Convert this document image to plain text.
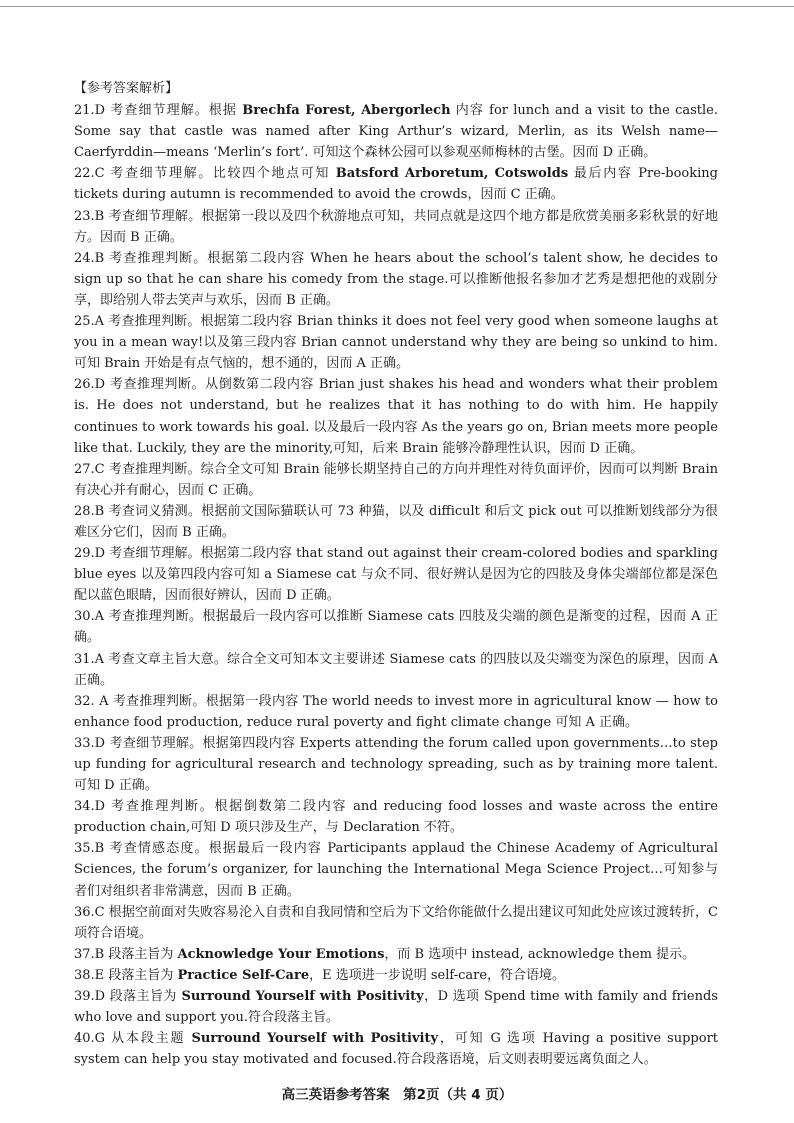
【参考答案解析】

21.D 考查细节理解。根据 Brechfa Forest, Abergorlech 内容 for lunch and a visit to the castle. Some say that castle was named after King Arthur’s wizard, Merlin, as its Welsh name—Caerfyrddin—means ‘Merlin’s fort’. 可知这个森林公园可以参观巫师梅林的古堡。因而 D 正确。

22.C 考查细节理解。比较四个地点可知 Batsford Arboretum, Cotswolds 最后内容 Pre-booking tickets during autumn is recommended to avoid the crowds，因而 C 正确。

23.B 考查细节理解。根据第一段以及四个秋游地点可知，共同点就是这四个地方都是欣赏美丽多彩秋景的好地方。因而 B 正确。

24.B 考查推理判断。根据第二段内容 When he hears about the school’s talent show, he decides to sign up so that he can share his comedy from the stage.可以推断他报名参加才艺秀是想把他的戏剧分享，即给别人带去笑声与欢乐，因而 B 正确。

25.A 考查推理判断。根据第二段内容 Brian thinks it does not feel very good when someone laughs at you in a mean way!以及第三段内容 Brian cannot understand why they are being so unkind to him. 可知 Brain 开始是有点气恼的，想不通的，因而 A 正确。

26.D 考查推理判断。从倒数第二段内容 Brian just shakes his head and wonders what their problem is. He does not understand, but he realizes that it has nothing to do with him. He happily continues to work towards his goal. 以及最后一段内容 As the years go on, Brian meets more people like that. Luckily, they are the minority,可知，后来 Brain 能够冷静理性认识，因而 D 正确。

27.C 考查推理判断。综合全文可知 Brain 能够长期坚持自己的方向并理性对待负面评价，因而可以判断 Brain 有决心并有耐心，因而 C 正确。

28.B 考查词义猜测。根据前文国际猫联认可 73 种猫，以及 difficult 和后文 pick out 可以推断划线部分为很难区分它们，因而 B 正确。

29.D 考查细节理解。根据第二段内容 that stand out against their cream-colored bodies and sparkling blue eyes 以及第四段内容可知 a Siamese cat 与众不同、很好辨认是因为它的四肢及身体尖端部位都是深色配以蓝色眼睛，因而很好辨认，因而 D 正确。

30.A 考查推理判断。根据最后一段内容可以推断 Siamese cats 四肢及尖端的颜色是渐变的过程，因而 A 正确。

31.A 考查文章主旨大意。综合全文可知本文主要讲述 Siamese cats 的四肢以及尖端变为深色的原理，因而 A 正确。

32. A 考查推理判断。根据第一段内容 The world needs to invest more in agricultural know — how to enhance food production, reduce rural poverty and fight climate change 可知 A 正确。

33.D 考查细节理解。根据第四段内容 Experts attending the forum called upon governments…to step up funding for agricultural research and technology spreading, such as by training more talent.可知 D 正确。

34.D 考查推理判断。根据倒数第二段内容 and reducing food losses and waste across the entire production chain,可知 D 项只涉及生产，与 Declaration 不符。

35.B 考查情感态度。根据最后一段内容 Participants applaud the Chinese Academy of Agricultural Sciences, the forum’s organizer, for launching the International Mega Science Project…可知参与者们对组织者非常满意，因而 B 正确。

36.C 根据空前面对失败容易沦入自责和自我同情和空后为下文给你能做什么提出建议可知此处应该过渡转折，C 项符合语境。

37.B 段落主旨为 Acknowledge Your Emotions，而 B 选项中 instead, acknowledge them 提示。

38.E 段落主旨为 Practice Self-Care，E 选项进一步说明 self-care，符合语境。

39.D 段落主旨为 Surround Yourself with Positivity，D 选项 Spend time with family and friends who love and support you.符合段落主旨。

40.G 从本段主题 Surround Yourself with Positivity，可知 G 选项 Having a positive support system can help you stay motivated and focused.符合段落语境，后文则表明要远离负面之人。

高三英语参考答案　第2页（共 4 页）
